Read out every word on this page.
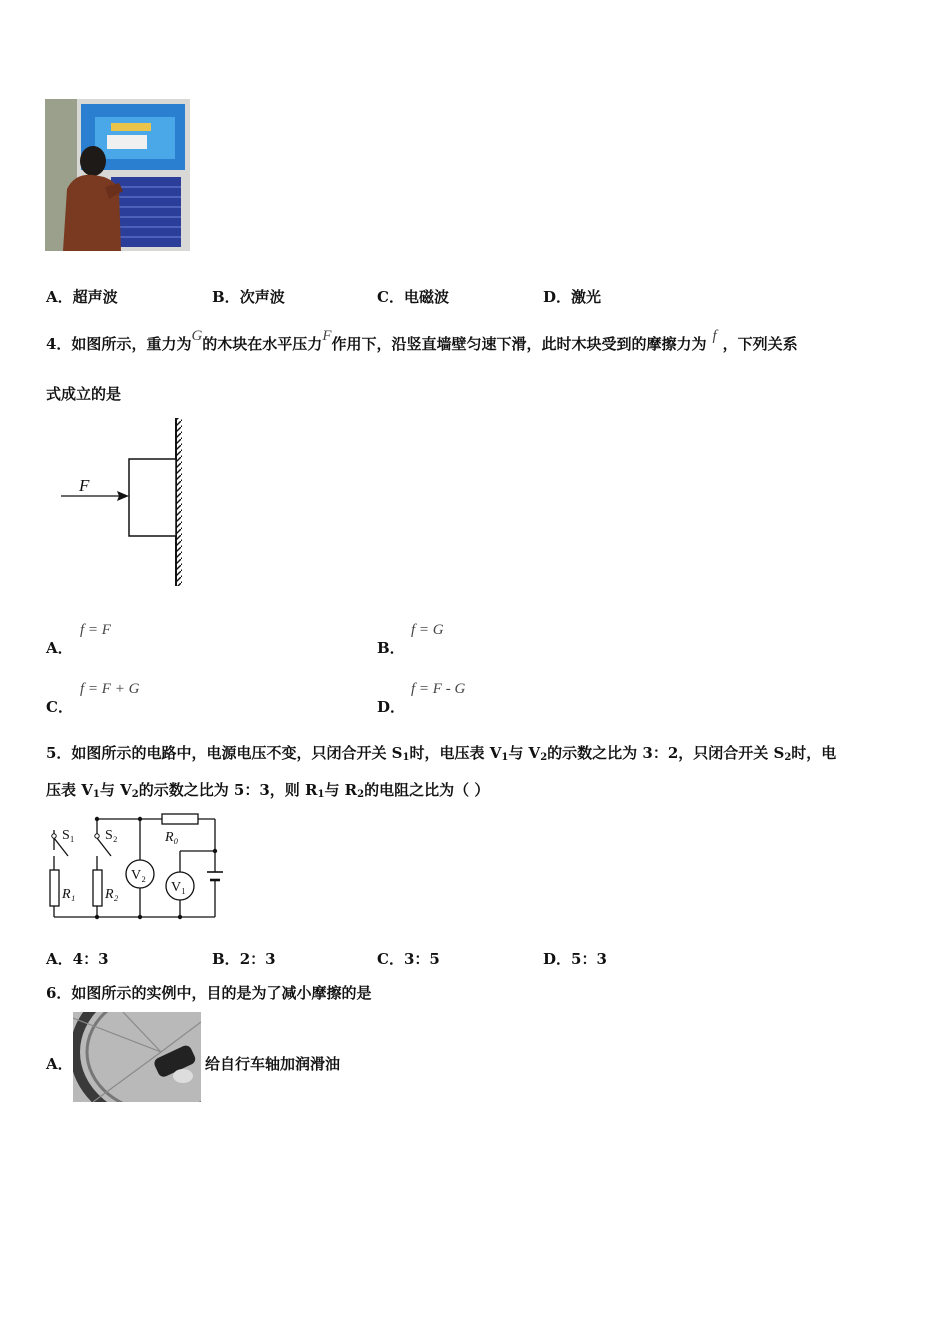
A．超声波	B．次声波	C．电磁波	D．激光
4．如图所示，重力为G的木块在水平压力F作用下，沿竖直墙壁匀速下滑，此时木块受到的摩擦力为 f ，下列关系
式成立的是
F
A．
f = F
B．
f = G
C．
f = F + G
D．
f = F - G
5．如图所示的电路中，电源电压不变，只闭合开关 $S_1$时，电压表 $V_1$与 $V_2$的示数之比为 3：2，只闭合开关 $S_2$时，电
压表 $V_1$与 $V_2$的示数之比为 5：3，则 $R_1$与 $R_2$的电阻之比为（ ）
S₁ S₂	R₀
R₁ R₂
V₂
V₁
A．4：3	B．2：3	C．3：5	D．5：3
6．如图所示的实例中，目的是为了减小摩擦的是
A．	给自行车轴加润滑油
